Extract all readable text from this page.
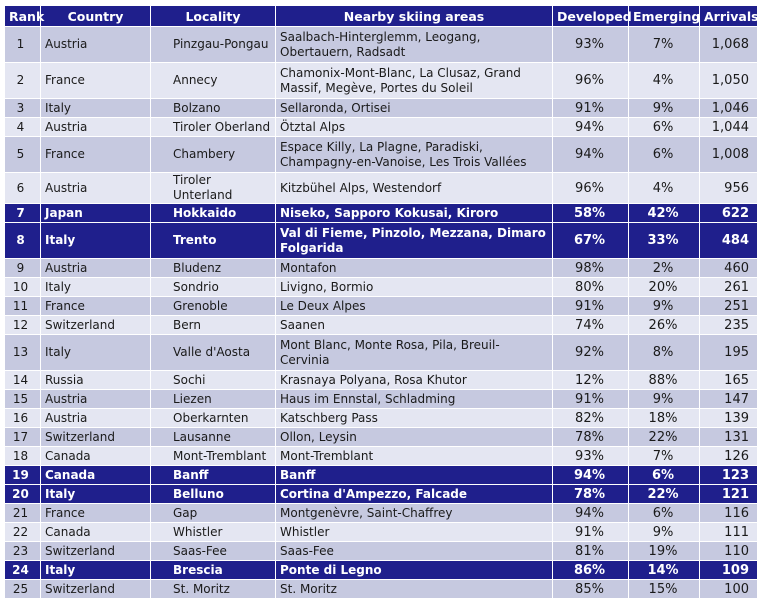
Rank	Country	Locality	Nearby skiing areas	Developed	Emerging	Arrivals
1	Austria	Pinzgau-Pongau	Saalbach-Hinterglemm, Leogang, Obertauern, Radsadt	93%	7%	1,068
2	France	Annecy	Chamonix-Mont-Blanc, La Clusaz, Grand Massif, Megève, Portes du Soleil	96%	4%	1,050
3	Italy	Bolzano	Sellaronda, Ortisei	91%	9%	1,046
4	Austria	Tiroler Oberland	Ötztal Alps	94%	6%	1,044
5	France	Chambery	Espace Killy, La Plagne, Paradiski, Champagny-en-Vanoise, Les Trois Vallées	94%	6%	1,008
6	Austria	Tiroler Unterland	Kitzbühel Alps, Westendorf	96%	4%	956
7	Japan	Hokkaido	Niseko, Sapporo Kokusai, Kiroro	58%	42%	622
8	Italy	Trento	Val di Fieme, Pinzolo, Mezzana, Dimaro Folgarida	67%	33%	484
9	Austria	Bludenz	Montafon	98%	2%	460
10	Italy	Sondrio	Livigno, Bormio	80%	20%	261
11	France	Grenoble	Le Deux Alpes	91%	9%	251
12	Switzerland	Bern	Saanen	74%	26%	235
13	Italy	Valle d'Aosta	Mont Blanc, Monte Rosa, Pila, Breuil-Cervinia	92%	8%	195
14	Russia	Sochi	Krasnaya Polyana, Rosa Khutor	12%	88%	165
15	Austria	Liezen	Haus im Ennstal, Schladming	91%	9%	147
16	Austria	Oberkarnten	Katschberg Pass	82%	18%	139
17	Switzerland	Lausanne	Ollon, Leysin	78%	22%	131
18	Canada	Mont-Tremblant	Mont-Tremblant	93%	7%	126
19	Canada	Banff	Banff	94%	6%	123
20	Italy	Belluno	Cortina d'Ampezzo, Falcade	78%	22%	121
21	France	Gap	Montgenèvre, Saint-Chaffrey	94%	6%	116
22	Canada	Whistler	Whistler	91%	9%	111
23	Switzerland	Saas-Fee	Saas-Fee	81%	19%	110
24	Italy	Brescia	Ponte di Legno	86%	14%	109
25	Switzerland	St. Moritz	St. Moritz	85%	15%	100
